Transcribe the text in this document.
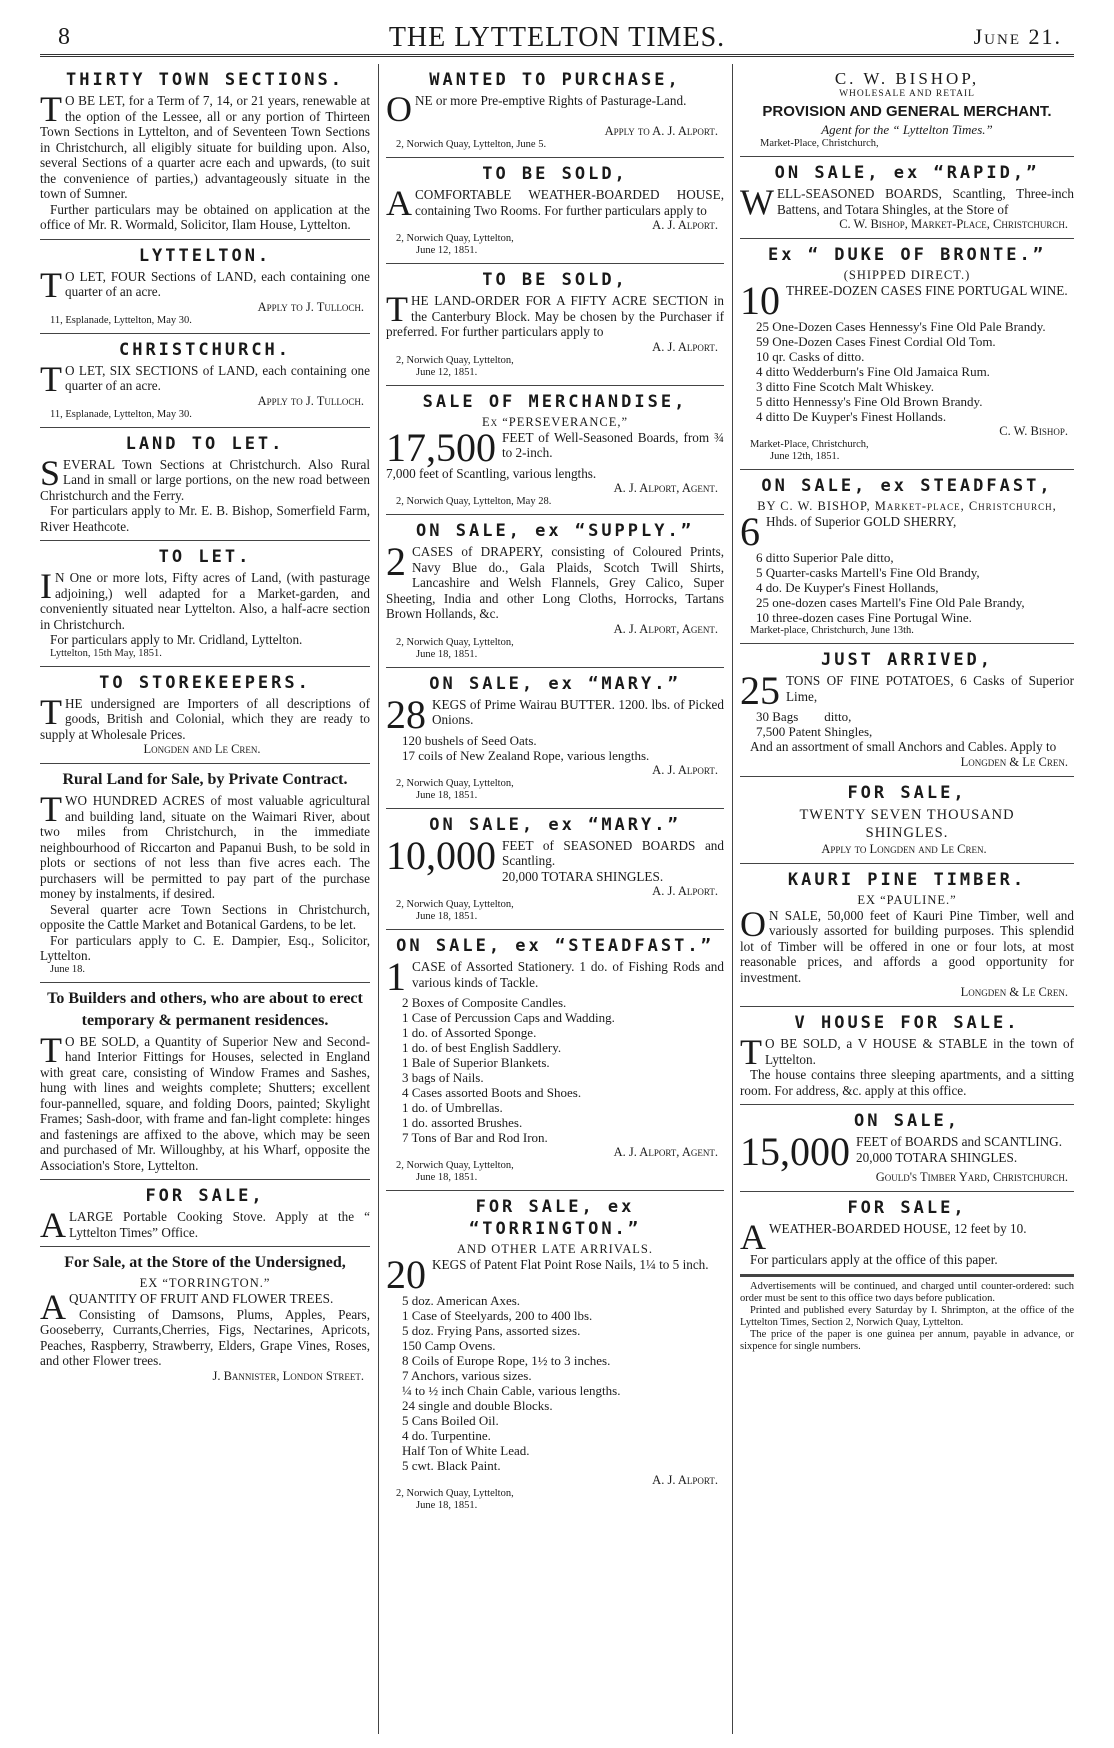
8	THE LYTTELTON TIMES.	June 21.
THIRTY TOWN SECTIONS.

TO BE LET, for a Term of 7, 14, or 21 years, renewable at the option of the Lessee, all or any portion of Thirteen Town Sections in Lyttelton, and of Seventeen Town Sections in Christchurch, all eligibly situate for building upon. Also, several Sections of a quarter acre each and upwards, (to suit the convenience of parties,) advantageously situate in the town of Sumner.

Further particulars may be obtained on application at the office of Mr. R. Wormald, Solicitor, Ilam House, Lyttelton.

LYTTELTON.

TO LET, FOUR Sections of LAND, each containing one quarter of an acre.

Apply to J. Tulloch.
11, Esplanade, Lyttelton, May 30.
CHRISTCHURCH.

TO LET, SIX SECTIONS of LAND, each containing one quarter of an acre.

Apply to J. Tulloch.
11, Esplanade, Lyttelton, May 30.
LAND TO LET.

SEVERAL Town Sections at Christchurch. Also Rural Land in small or large portions, on the new road between Christchurch and the Ferry.

For particulars apply to Mr. E. B. Bishop, Somerfield Farm, River Heathcote.

TO LET.

IN One or more lots, Fifty acres of Land, (with pasturage adjoining,) well adapted for a Market-garden, and conveniently situated near Lyttelton. Also, a half-acre section in Christchurch.

For particulars apply to Mr. Cridland, Lyttelton.

Lyttelton, 15th May, 1851.
TO STOREKEEPERS.

THE undersigned are Importers of all descriptions of goods, British and Colonial, which they are ready to supply at Wholesale Prices.

Longden and Le Cren.
Rural Land for Sale, by Private Contract.

TWO HUNDRED ACRES of most valuable agricultural and building land, situate on the Waimari River, about two miles from Christchurch, in the immediate neighbourhood of Riccarton and Papanui Bush, to be sold in plots or sections of not less than five acres each. The purchasers will be permitted to pay part of the purchase money by instalments, if desired.

Several quarter acre Town Sections in Christchurch, opposite the Cattle Market and Botanical Gardens, to be let.

For particulars apply to C. E. Dampier, Esq., Solicitor, Lyttelton.

June 18.
To Builders and others, who are about to erect temporary & permanent residences.

TO BE SOLD, a Quantity of Superior New and Second-hand Interior Fittings for Houses, selected in England with great care, consisting of Window Frames and Sashes, hung with lines and weights complete; Shutters; excellent four-pannelled, square, and folding Doors, painted; Skylight Frames; Sash-door, with frame and fan-light complete: hinges and fastenings are affixed to the above, which may be seen and purchased of Mr. Willoughby, at his Wharf, opposite the Association's Store, Lyttelton.

FOR SALE,

ALARGE Portable Cooking Stove. Apply at the “ Lyttelton Times” Office.

For Sale, at the Store of the Undersigned,
EX “TORRINGTON.”

AQUANTITY OF FRUIT AND FLOWER TREES.

Consisting of Damsons, Plums, Apples, Pears, Gooseberry, Currants,Cherries, Figs, Nectarines, Apricots, Peaches, Raspberry, Strawberry, Elders, Grape Vines, Roses, and other Flower trees.

J. Bannister, London Street.
WANTED TO PURCHASE,

ONE or more Pre-emptive Rights of Pasturage-Land.

Apply to A. J. Alport.
2, Norwich Quay, Lyttelton, June 5.
TO BE SOLD,

ACOMFORTABLE WEATHER-BOARDED HOUSE, containing Two Rooms. For further particulars apply to

A. J. Alport.
2, Norwich Quay, Lyttelton,
June 12, 1851.
TO BE SOLD,

THE LAND-ORDER FOR A FIFTY ACRE SECTION in the Canterbury Block. May be chosen by the Purchaser if preferred. For further particulars apply to

A. J. Alport.
2, Norwich Quay, Lyttelton,
June 12, 1851.
SALE OF MERCHANDISE,
Ex “PERSEVERANCE,”
17,500 FEET of Well-Seasoned Boards, from ¾ to 2-inch.

7,000 feet of Scantling, various lengths.

A. J. Alport, Agent.
2, Norwich Quay, Lyttelton, May 28.
ON SALE, ex “SUPPLY.”
2 CASES of DRAPERY, consisting of Coloured Prints, Navy Blue do., Gala Plaids, Scotch Twill Shirts, Lancashire and Welsh Flannels, Grey Calico, Super Sheeting, India and other Long Cloths, Horrocks, Tartans Brown Hollands, &c.

A. J. Alport, Agent.
2, Norwich Quay, Lyttelton,
June 18, 1851.
ON SALE, ex “MARY.”
28 KEGS of Prime Wairau BUTTER. 1200. lbs. of Picked Onions.

120 bushels of Seed Oats.
17 coils of New Zealand Rope, various lengths.
A. J. Alport.
2, Norwich Quay, Lyttelton,
June 18, 1851.
ON SALE, ex “MARY.”
10,000 FEET of SEASONED BOARDS and Scantling.

20,000 TOTARA SHINGLES.

A. J. Alport.
2, Norwich Quay, Lyttelton,
June 18, 1851.
ON SALE, ex “STEADFAST.”
1 CASE of Assorted Stationery. 1 do. of Fishing Rods and various kinds of Tackle.

2 Boxes of Composite Candles.
1 Case of Percussion Caps and Wadding.
1 do. of Assorted Sponge.
1 do. of best English Saddlery.
1 Bale of Superior Blankets.
3 bags of Nails.
4 Cases assorted Boots and Shoes.
1 do. of Umbrellas.
1 do. assorted Brushes.
7 Tons of Bar and Rod Iron.
A. J. Alport, Agent.
2, Norwich Quay, Lyttelton,
June 18, 1851.
FOR SALE, ex “TORRINGTON.”
AND OTHER LATE ARRIVALS.
20 KEGS of Patent Flat Point Rose Nails, 1¼ to 5 inch.

5 doz. American Axes.
1 Case of Steelyards, 200 to 400 lbs.
5 doz. Frying Pans, assorted sizes.
150 Camp Ovens.
8 Coils of Europe Rope, 1½ to 3 inches.
7 Anchors, various sizes.
¼ to ½ inch Chain Cable, various lengths.
24 single and double Blocks.
5 Cans Boiled Oil.
4 do. Turpentine.
Half Ton of White Lead.
5 cwt. Black Paint.
A. J. Alport.
2, Norwich Quay, Lyttelton,
June 18, 1851.
C. W. BISHOP,
WHOLESALE AND RETAIL
PROVISION AND GENERAL MERCHANT.
Agent for the “ Lyttelton Times.”
Market-Place, Christchurch,
ON SALE, ex “RAPID,”

WELL-SEASONED BOARDS, Scantling, Three-inch Battens, and Totara Shingles, at the Store of

C. W. Bishop, Market-Place, Christchurch.
Ex “ DUKE OF BRONTE.”
(SHIPPED DIRECT.)
10 THREE-DOZEN CASES FINE PORTUGAL WINE.

25 One-Dozen Cases Hennessy's Fine Old Pale Brandy.
59 One-Dozen Cases Finest Cordial Old Tom.
10 qr. Casks of ditto.
4 ditto Wedderburn's Fine Old Jamaica Rum.
3 ditto Fine Scotch Malt Whiskey.
5 ditto Hennessy's Fine Old Brown Brandy.
4 ditto De Kuyper's Finest Hollands.
C. W. Bishop.
Market-Place, Christchurch,
June 12th, 1851.
ON SALE, ex STEADFAST,
BY C. W. BISHOP, Market-place, Christchurch,
6 Hhds. of Superior GOLD SHERRY,

6 ditto Superior Pale ditto,
5 Quarter-casks Martell's Fine Old Brandy,
4 do. De Kuyper's Finest Hollands,
25 one-dozen cases Martell's Fine Old Pale Brandy,
10 three-dozen cases Fine Portugal Wine.
Market-place, Christchurch, June 13th.
JUST ARRIVED,
25 TONS OF FINE POTATOES, 6 Casks of Superior Lime,

30 Bags        ditto,
7,500 Patent Shingles,

And an assortment of small Anchors and Cables. Apply to

Longden & Le Cren.
FOR SALE,
TWENTY SEVEN THOUSAND SHINGLES.
Apply to Longden and Le Cren.
KAURI PINE TIMBER.
EX “PAULINE.”

ON SALE, 50,000 feet of Kauri Pine Timber, well and variously assorted for building purposes. This splendid lot of Timber will be offered in one or four lots, at most reasonable prices, and affords a good opportunity for investment.

Longden & Le Cren.
V HOUSE FOR SALE.

TO BE SOLD, a V HOUSE & STABLE in the town of Lyttelton.

The house contains three sleeping apartments, and a sitting room. For address, &c. apply at this office.

ON SALE,
15,000 FEET of BOARDS and SCANTLING.

20,000 TOTARA SHINGLES.

Gould's Timber Yard, Christchurch.
FOR SALE,

AWEATHER-BOARDED HOUSE, 12 feet by 10.

For particulars apply at the office of this paper.

Advertisements will be continued, and charged until counter-ordered: such order must be sent to this office two days before publication.

Printed and published every Saturday by I. Shrimpton, at the office of the Lyttelton Times, Section 2, Norwich Quay, Lyttelton.

The price of the paper is one guinea per annum, payable in advance, or sixpence for single numbers.
